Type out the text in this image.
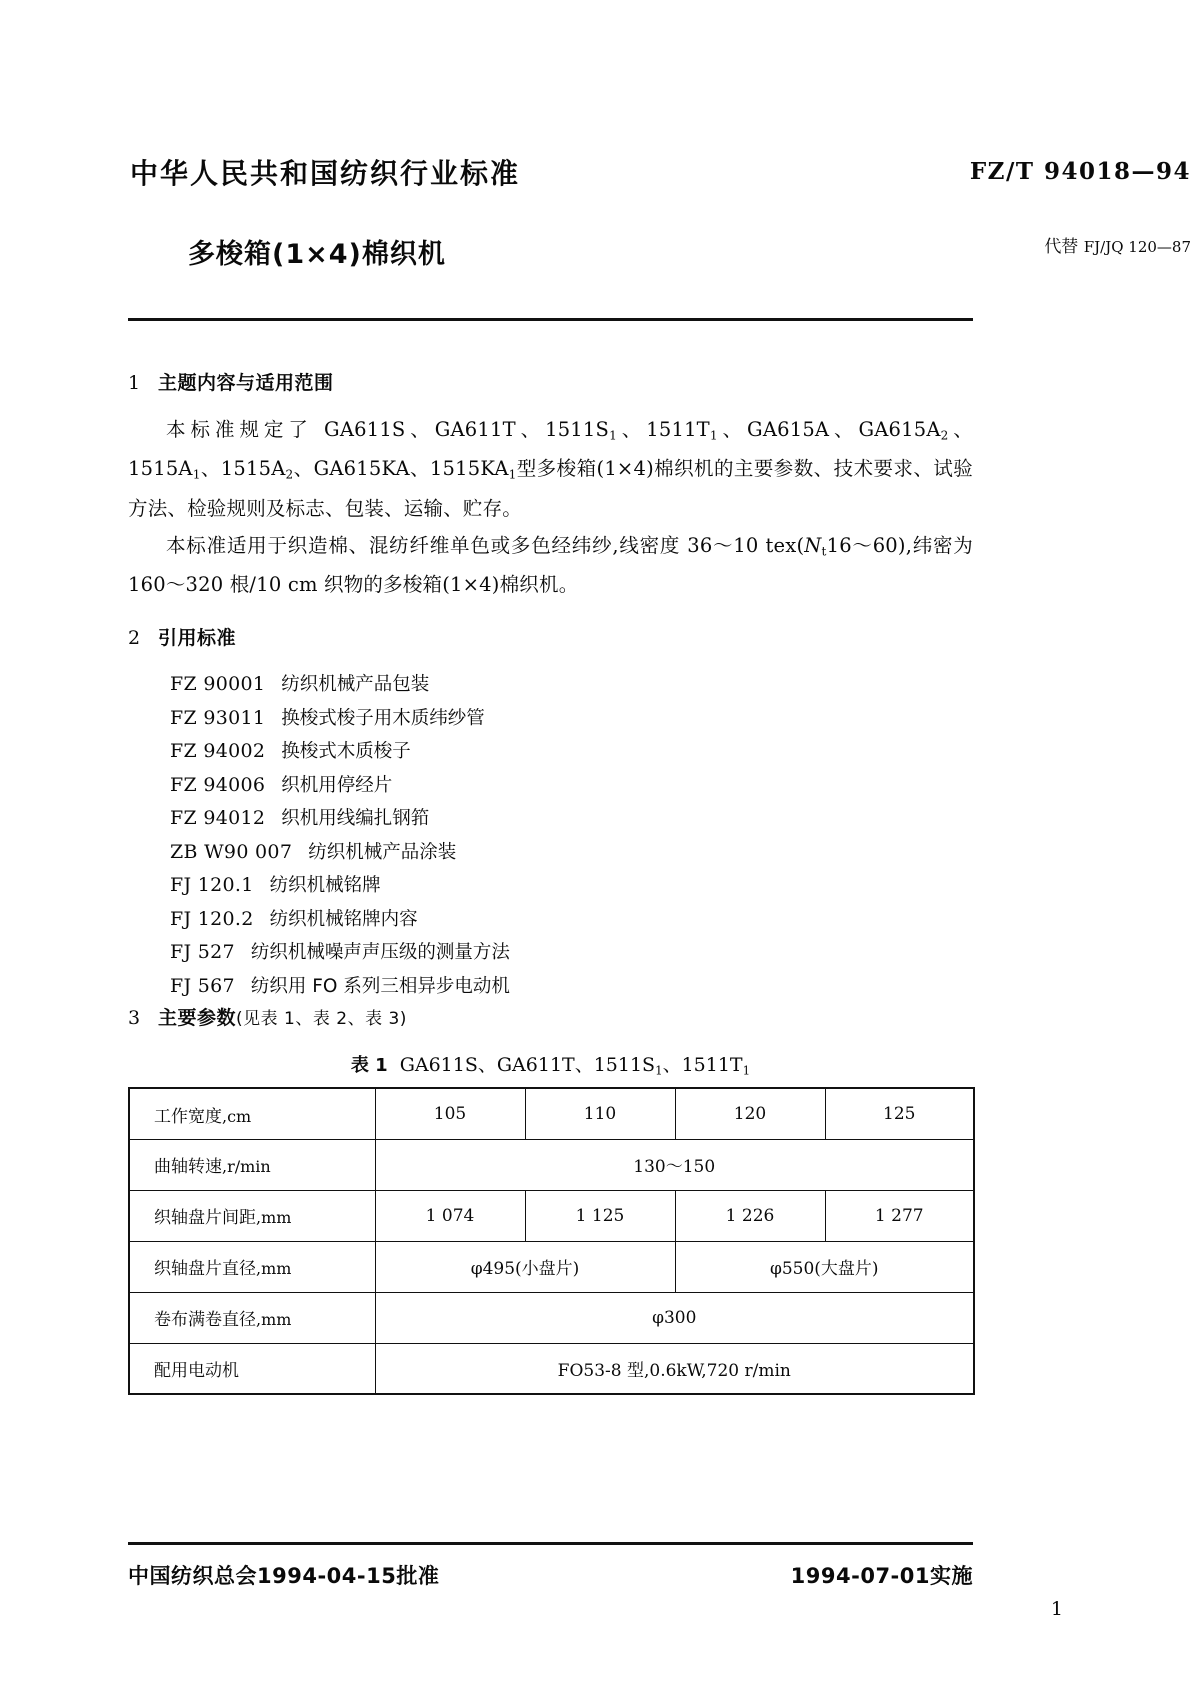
中华人民共和国纺织行业标准	FZ/T 94018—94
多梭箱(1×4)棉织机	代替 FJ/JQ 120—87
1 主题内容与适用范围

本标准规定了 GA611S、GA611T、$1511S_1$、$1511T_1$、GA615A、$GA615A_2$、$1515A_1$、$1515A_2$、GA615KA、$1515KA_1$型多梭箱(1×4)棉织机的主要参数、技术要求、试验方法、检验规则及标志、包装、运输、贮存。

本标准适用于织造棉、混纺纤维单色或多色经纬纱,线密度 36～10 $tex(N_t16\sim 60)$,纬密为 160～320 根/10 cm 织物的多梭箱(1×4)棉织机。

2 引用标准
FZ 90001 纺织机械产品包装
FZ 93011 换梭式梭子用木质纬纱管
FZ 94002 换梭式木质梭子
FZ 94006 织机用停经片
FZ 94012 织机用线编扎钢筘
ZB W90 007 纺织机械产品涂装
FJ 120.1 纺织机械铭牌
FJ 120.2 纺织机械铭牌内容
FJ 527 纺织机械噪声声压级的测量方法
FJ 567 纺织用 FO 系列三相异步电动机
3 主要参数(见表 1、表 2、表 3)
表 1 GA611S、GA611T、$1511S_1$、$1511T_1$
工作宽度,cm	105	110	120	125
曲轴转速,r/min	130～150			
织轴盘片间距,mm	1 074	1 125	1 226	1 277
织轴盘片直径,mm	φ495(小盘片)		φ550(大盘片)	
卷布满卷直径,mm	φ300			
配用电动机	FO53-8 型,0.6kW,720 r/min			
中国纺织总会1994-04-15批准	1994-07-01实施
1
